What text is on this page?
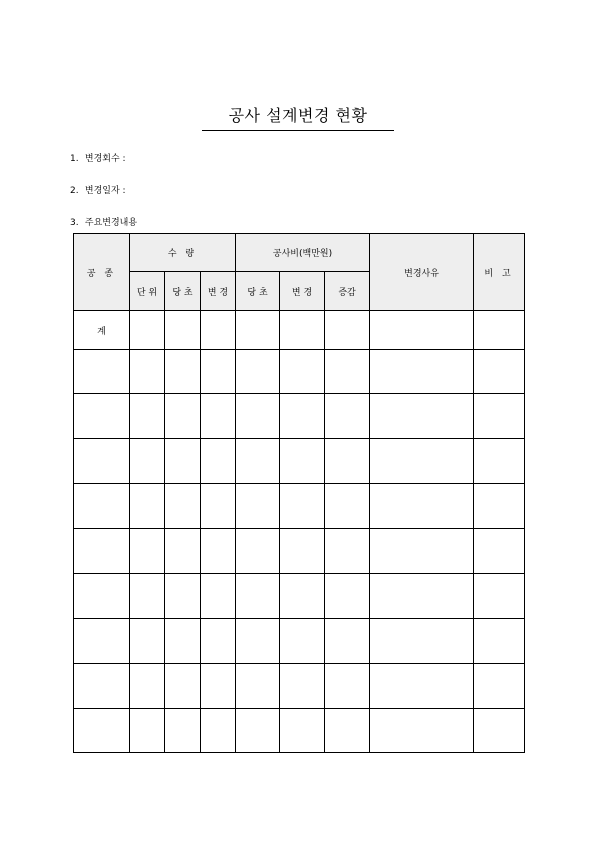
공사 설계변경 현황
1. 변경회수 :
2. 변경일자 :
3. 주요변경내용
공 종	수 량			공사비(백만원)			변경사유	비 고
	단 위	당 초	변 경	당 초	변 경	증감		
계								
